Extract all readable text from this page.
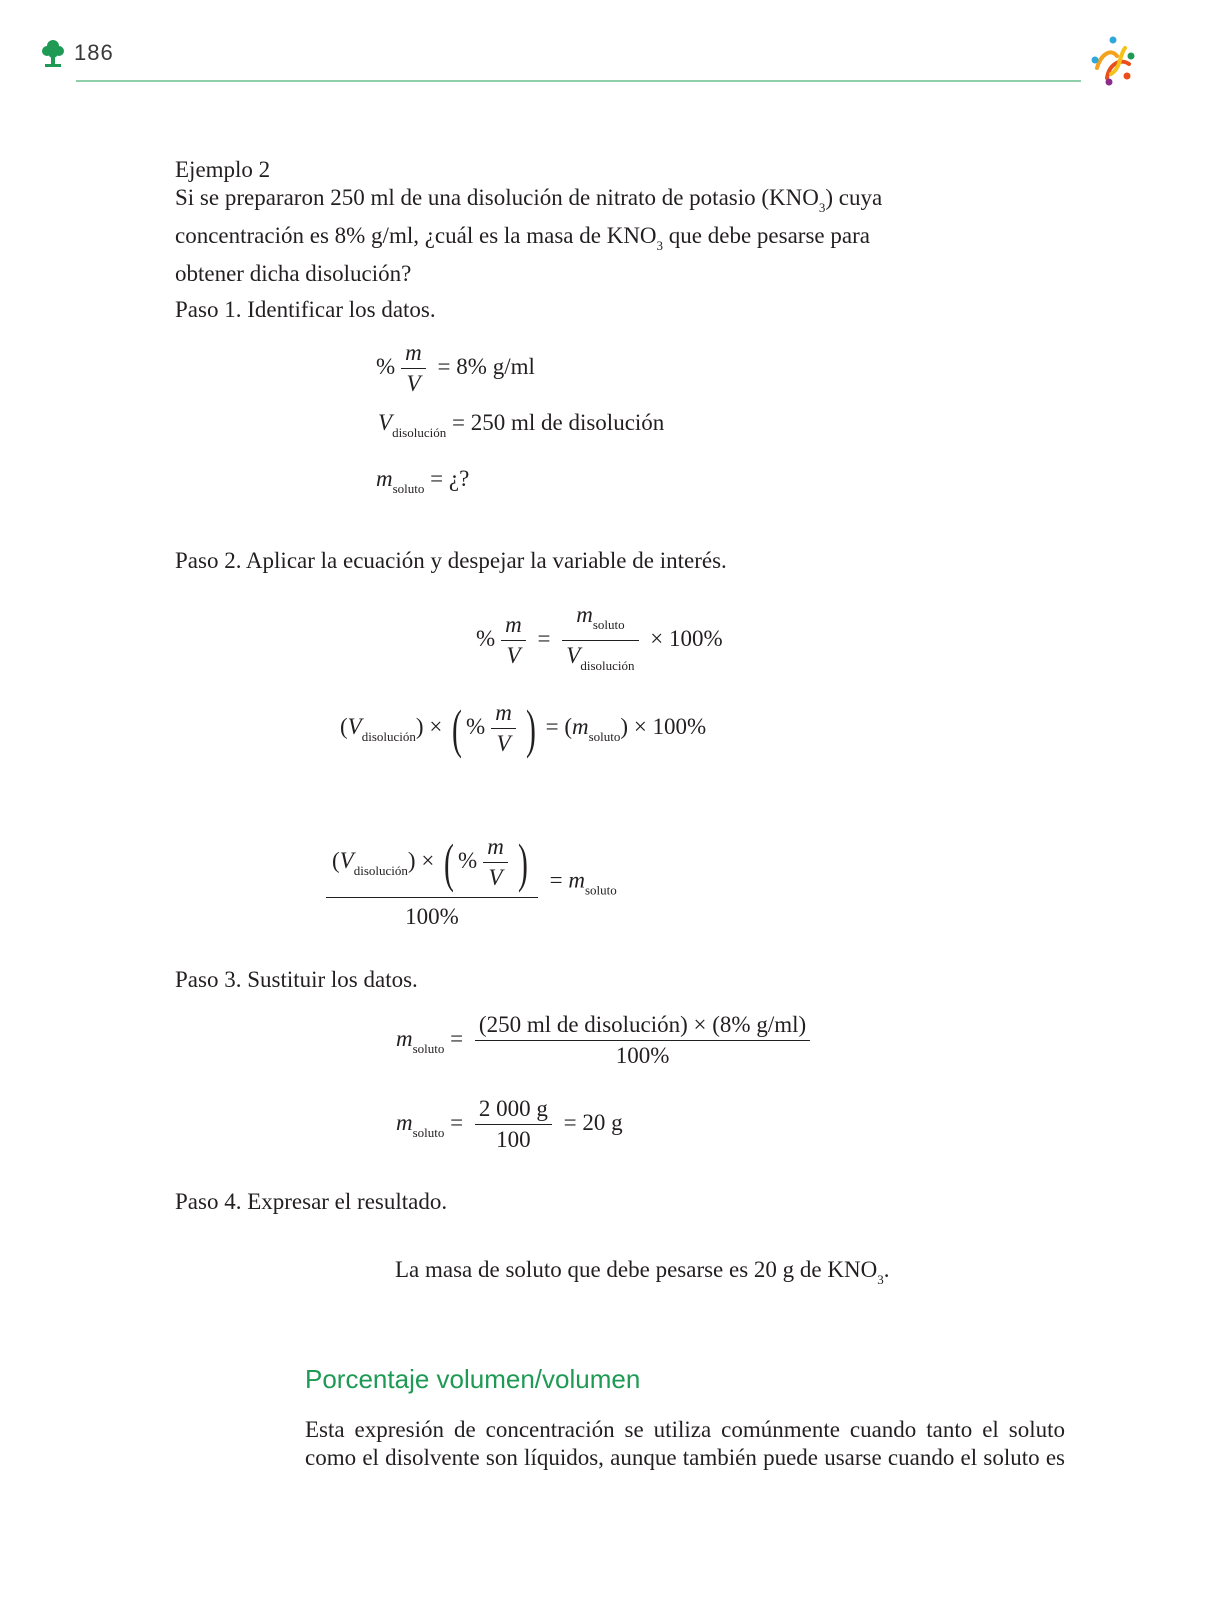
186
Ejemplo 2
Si se prepararon 250 ml de una disolución de nitrato de potasio $(KNO_3)$ cuya
concentración es 8% g/ml, ¿cuál es la masa de $KNO_3$ que debe pesarse para
obtener dicha disolución?
Paso 1. Identificar los datos.
% $\frac{m}{V} = 8\%$ g/ml
$V_{disolución} = 250$ ml de disolución
$m_{soluto}$ = ¿?
Paso 2. Aplicar la ecuación y despejar la variable de interés.
% $\frac{m}{V} = \frac{m_{soluto}}{V_{disolución}} \times 100\%$
$(V_{disolución})$ × ( % $\frac{m}{V}$ ) = $(m_{soluto}) \times 100\%$
$\frac{(V_{disolución}) \times ( \% \frac{m}{V} )}{100\%} = m_{soluto}$
Paso 3. Sustituir los datos.
$m_{soluto} = \frac{\text{(250 ml de disolución) × (8\% g/ml)}}{100\%}$
$m_{soluto} = \frac{2 000 g}{100} = 20$ g
Paso 4. Expresar el resultado.
La masa de soluto que debe pesarse es 20 g de $KNO_3$.
Porcentaje volumen/volumen
Esta expresión de concentración se utiliza comúnmente cuando tanto el soluto
como el disolvente son líquidos, aunque también puede usarse cuando el soluto es
